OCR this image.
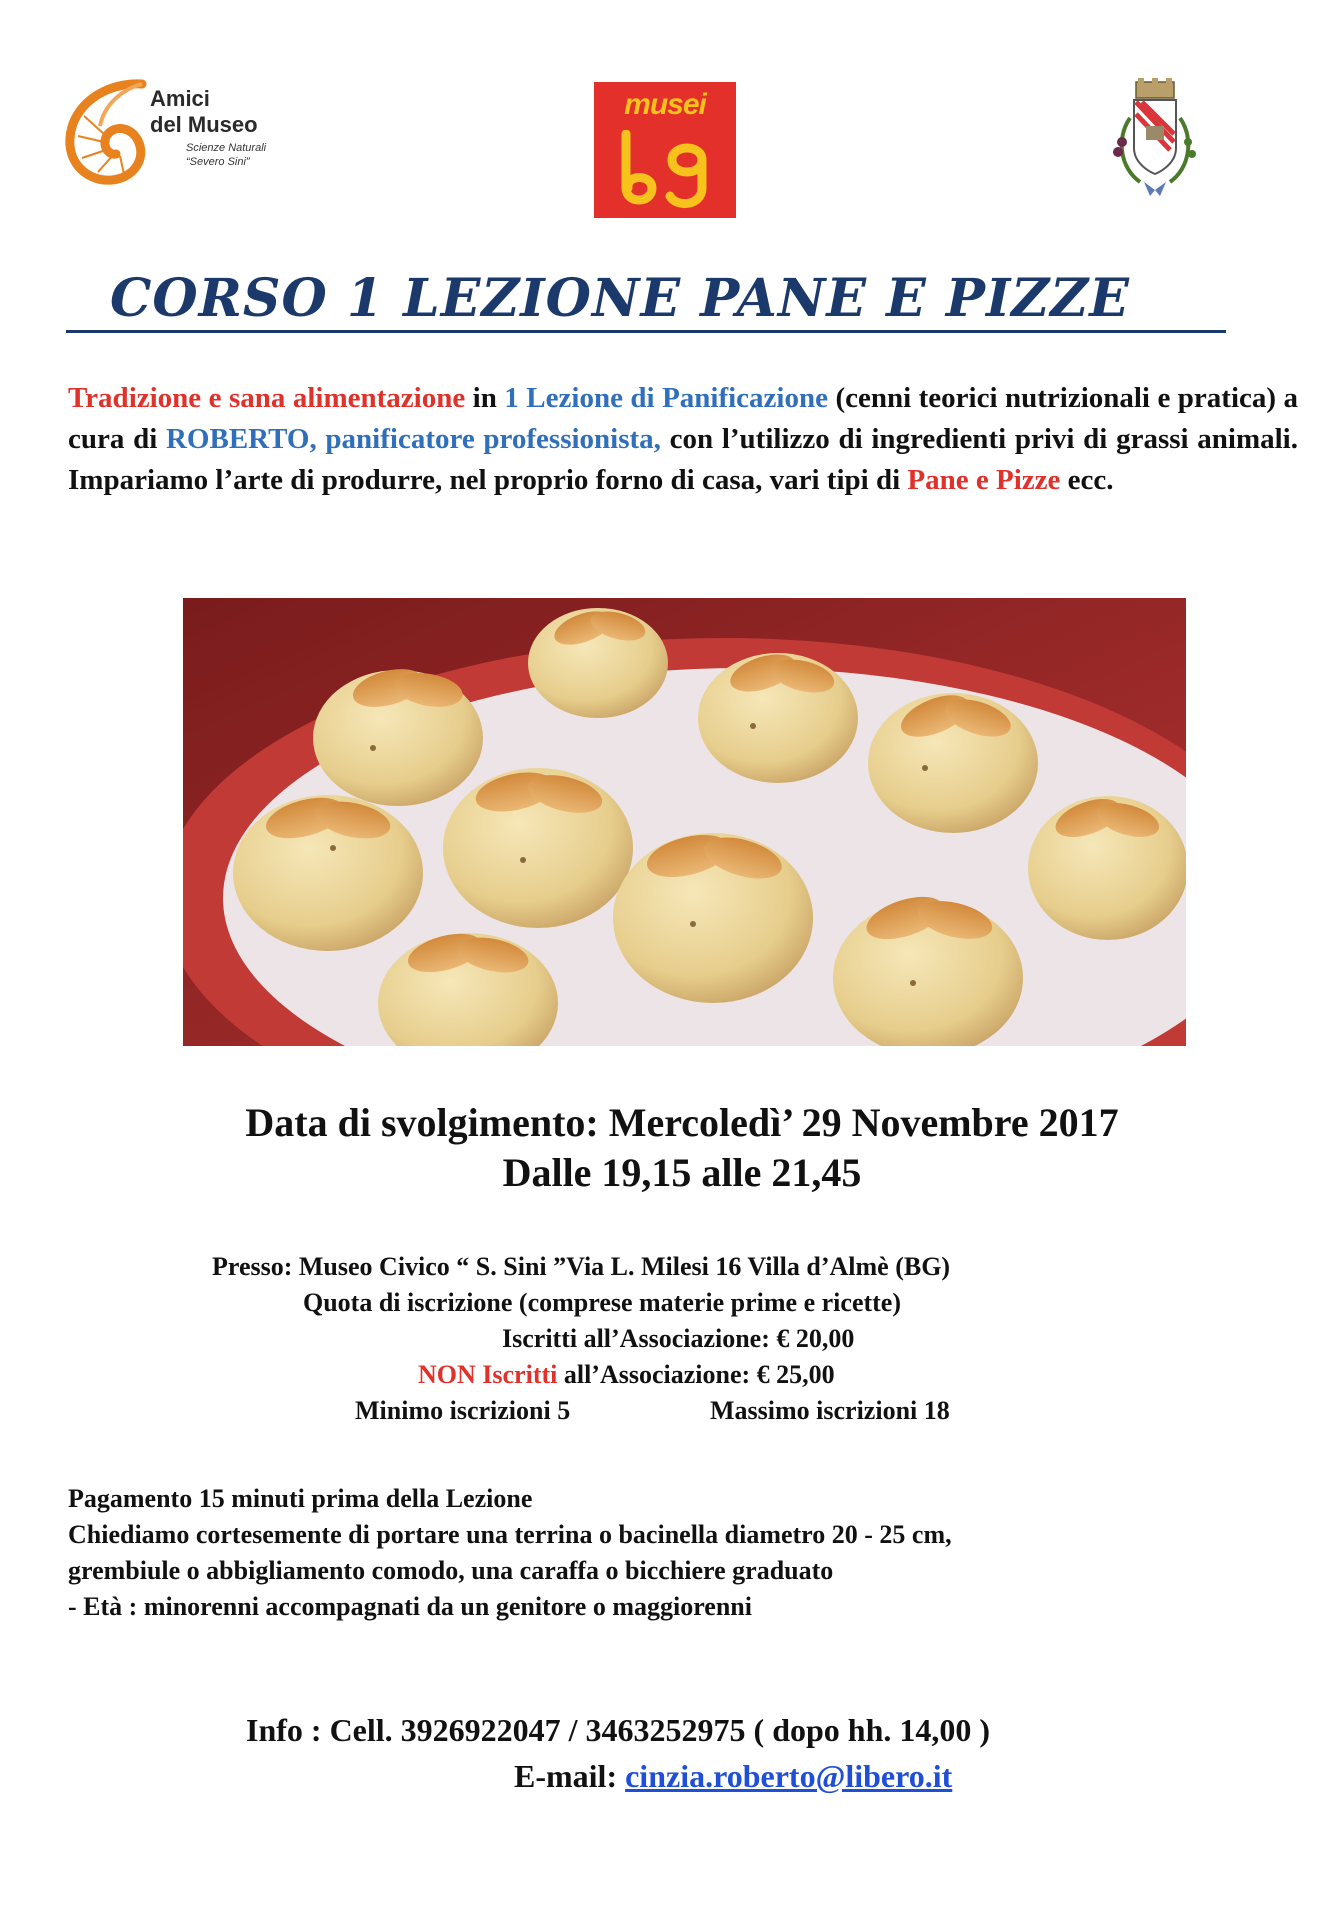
Amici
del Museo
Scienze Naturali
“Severo Sini”
musei
CORSO 1 LEZIONE PANE E PIZZE
Tradizione e sana alimentazione in 1 Lezione di Panificazione (cenni teorici nutrizionali e pratica) a cura di ROBERTO, panificatore professionista, con l’utilizzo di ingredienti privi di grassi animali. Impariamo l’arte di produrre, nel proprio forno di casa, vari tipi di Pane e Pizze ecc.
Data di svolgimento: Mercoledì’ 29 Novembre 2017
Dalle 19,15 alle 21,45
Presso: Museo Civico “ S. Sini ”Via L. Milesi 16 Villa d’Almè (BG)
Quota di iscrizione (comprese materie prime e ricette)
Iscritti all’Associazione: € 20,00
NON Iscritti all’Associazione: € 25,00
Minimo iscrizioni 5	Massimo iscrizioni 18
Pagamento 15 minuti prima della Lezione
Chiediamo cortesemente di portare una terrina o bacinella diametro 20 - 25 cm,
grembiule o abbigliamento comodo, una caraffa o bicchiere graduato
- Età : minorenni accompagnati da un genitore o maggiorenni
Info : Cell. 3926922047 / 3463252975 ( dopo hh. 14,00 )
E-mail: cinzia.roberto@libero.it
